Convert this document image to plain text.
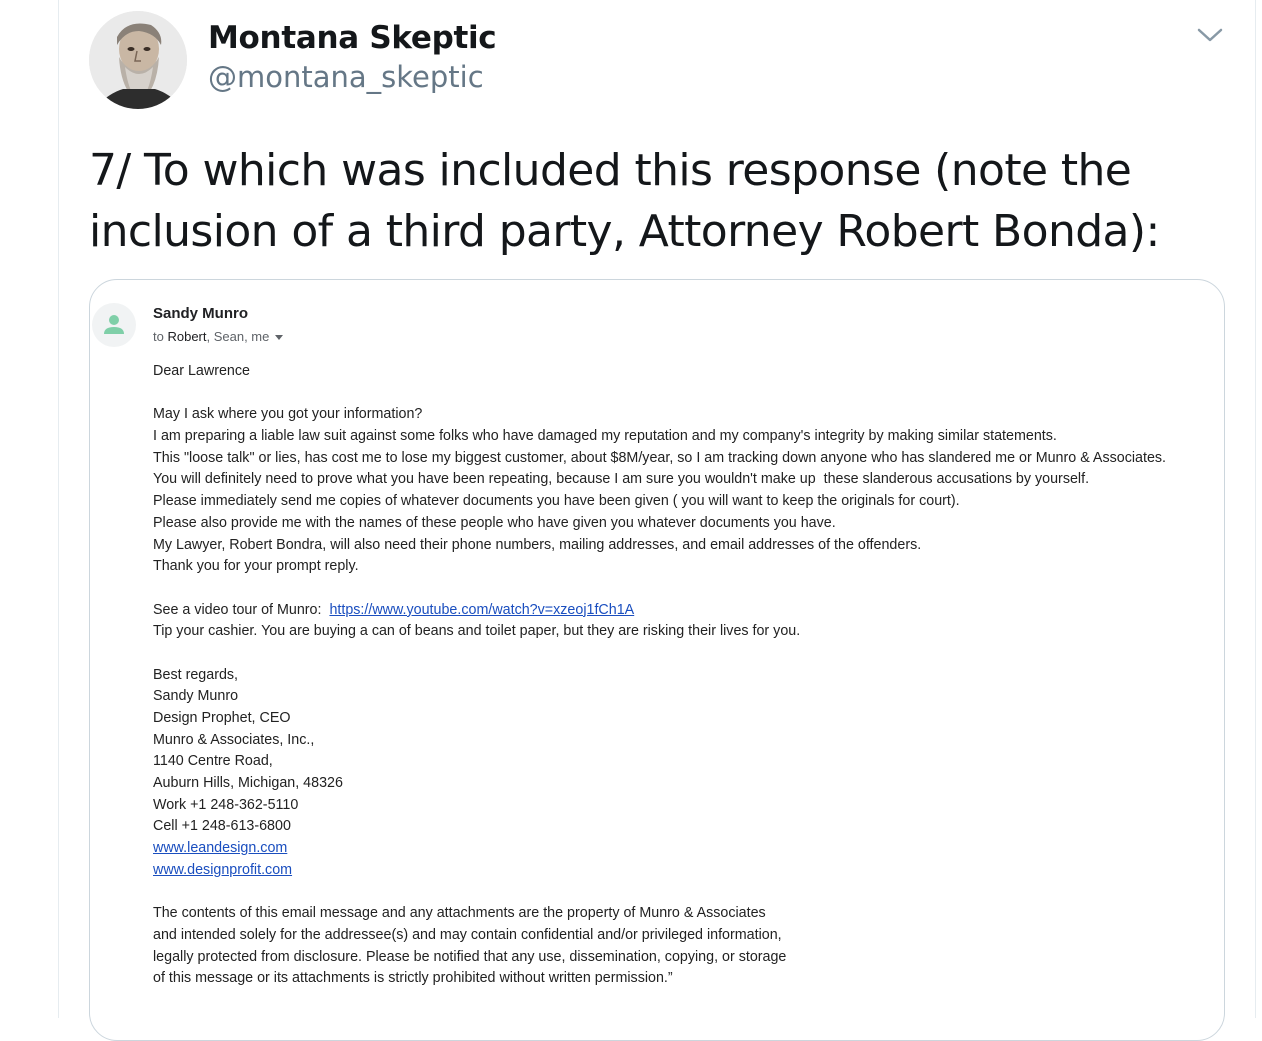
Montana Skeptic
@montana_skeptic
7/ To which was included this response (note the
inclusion of a third party, Attorney Robert Bonda):
Sandy Munro
to Robert, Sean, me
Dear Lawrence
May I ask where you got your information?
I am preparing a liable law suit against some folks who have damaged my reputation and my company's integrity by making similar statements.
This "loose talk" or lies, has cost me to lose my biggest customer, about $8M/year, so I am tracking down anyone who has slandered me or Munro & Associates.
You will definitely need to prove what you have been repeating, because I am sure you wouldn't make up  these slanderous accusations by yourself.
Please immediately send me copies of whatever documents you have been given ( you will want to keep the originals for court).
Please also provide me with the names of these people who have given you whatever documents you have.
My Lawyer, Robert Bondra, will also need their phone numbers, mailing addresses, and email addresses of the offenders.
Thank you for your prompt reply.
See a video tour of Munro:  https://www.youtube.com/watch?v=xzeoj1fCh1A
Tip your cashier. You are buying a can of beans and toilet paper, but they are risking their lives for you.
Best regards,
Sandy Munro
Design Prophet, CEO
Munro & Associates, Inc.,
1140 Centre Road,
Auburn Hills, Michigan, 48326
Work +1 248-362-5110
Cell +1 248-613-6800
www.leandesign.com
www.designprofit.com
The contents of this email message and any attachments are the property of Munro & Associates
and intended solely for the addressee(s) and may contain confidential and/or privileged information,
legally protected from disclosure. Please be notified that any use, dissemination, copying, or storage
of this message or its attachments is strictly prohibited without written permission.”
